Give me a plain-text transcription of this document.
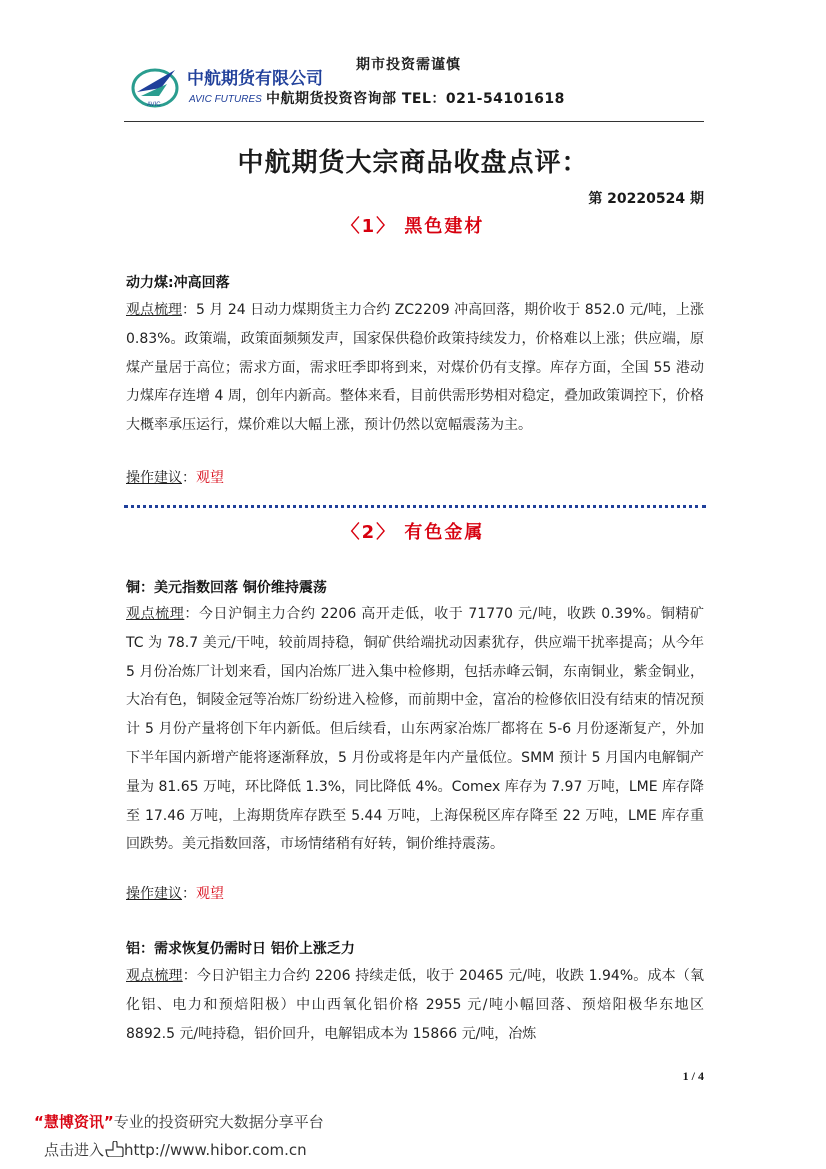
AVIC
中航期货有限公司
AVIC FUTURES
期市投资需谨慎
中航期货投资咨询部 TEL：021-54101618
中航期货大宗商品收盘点评：
第 20220524 期
〈1〉 黑色建材
动力煤:冲高回落
观点梳理：5 月 24 日动力煤期货主力合约 ZC2209 冲高回落，期价收于 852.0 元/吨，上涨 0.83%。政策端，政策面频频发声，国家保供稳价政策持续发力，价格难以上涨；供应端，原煤产量居于高位；需求方面，需求旺季即将到来，对煤价仍有支撑。库存方面，全国 55 港动力煤库存连增 4 周，创年内新高。整体来看，目前供需形势相对稳定，叠加政策调控下，价格大概率承压运行，煤价难以大幅上涨，预计仍然以宽幅震荡为主。
操作建议：观望
〈2〉 有色金属
铜：美元指数回落 铜价维持震荡
观点梳理：今日沪铜主力合约 2206 高开走低，收于 71770 元/吨，收跌 0.39%。铜精矿 TC 为 78.7 美元/干吨，较前周持稳，铜矿供给端扰动因素犹存，供应端干扰率提高；从今年 5 月份冶炼厂计划来看，国内冶炼厂进入集中检修期，包括赤峰云铜，东南铜业，紫金铜业，大冶有色，铜陵金冠等冶炼厂纷纷进入检修，而前期中金，富冶的检修依旧没有结束的情况预计 5 月份产量将创下年内新低。但后续看，山东两家冶炼厂都将在 5-6 月份逐渐复产，外加下半年国内新增产能将逐渐释放，5 月份或将是年内产量低位。SMM 预计 5 月国内电解铜产量为 81.65 万吨，环比降低 1.3%，同比降低 4%。Comex 库存为 7.97 万吨，LME 库存降至 17.46 万吨，上海期货库存跌至 5.44 万吨，上海保税区库存降至 22 万吨，LME 库存重回跌势。美元指数回落，市场情绪稍有好转，铜价维持震荡。
操作建议：观望
铝：需求恢复仍需时日 铝价上涨乏力
观点梳理：今日沪铝主力合约 2206 持续走低，收于 20465 元/吨，收跌 1.94%。成本（氧化铝、电力和预焙阳极）中山西氧化铝价格 2955 元/吨小幅回落、预焙阳极华东地区 8892.5 元/吨持稳，铝价回升，电解铝成本为 15866 元/吨，冶炼
1 / 4
“慧博资讯”专业的投资研究大数据分享平台
点击进入 http://www.hibor.com.cn
